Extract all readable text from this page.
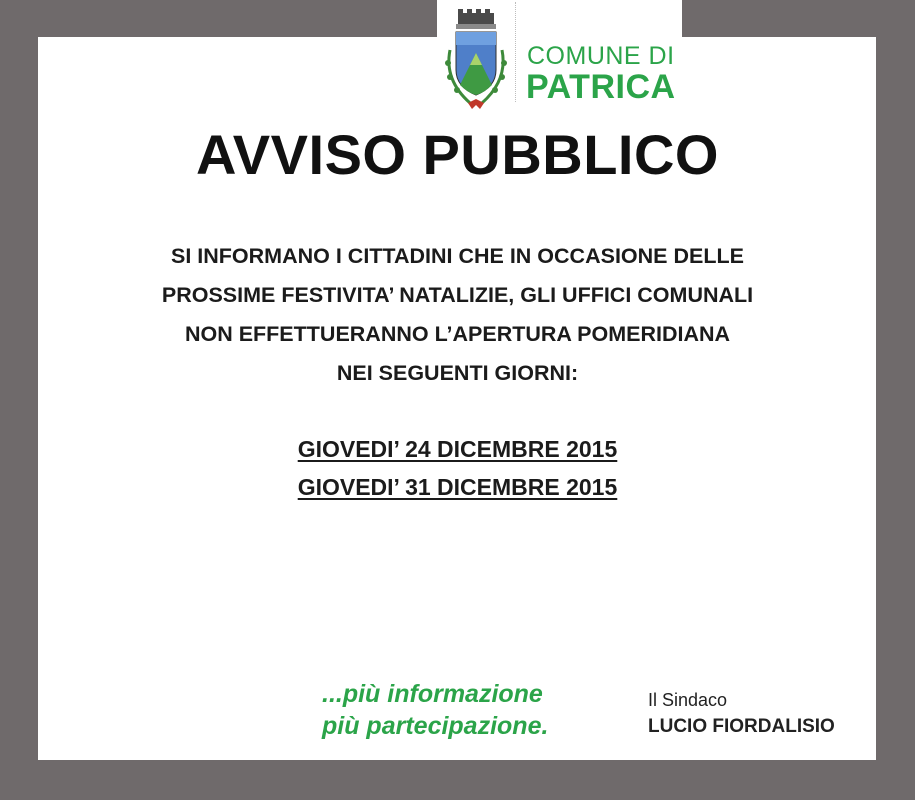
COMUNE DI
PATRICA
AVVISO PUBBLICO
SI INFORMANO I CITTADINI CHE IN OCCASIONE DELLE
PROSSIME FESTIVITA’ NATALIZIE, GLI UFFICI COMUNALI
NON EFFETTUERANNO L’APERTURA POMERIDIANA
NEI SEGUENTI GIORNI:
GIOVEDI’ 24 DICEMBRE 2015
GIOVEDI’ 31 DICEMBRE 2015
...più informazione
più partecipazione.
Il Sindaco
LUCIO FIORDALISIO
